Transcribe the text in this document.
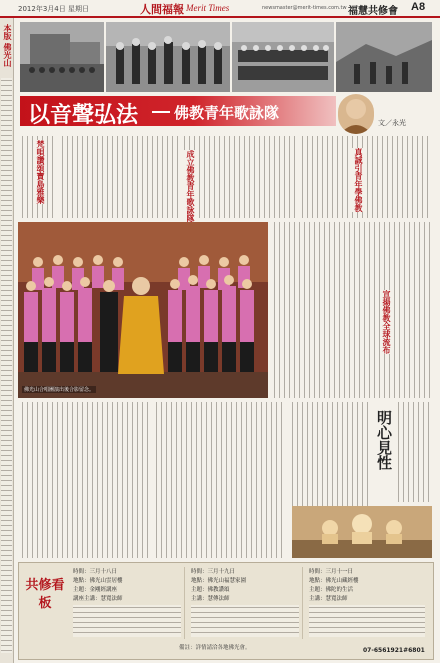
2012年3月4日 星期日	人間福報 Merit Times	newsmaster@merit-times.com.tw 福慧共修會 A8
本版 佛光山
以音聲弘法 佛教青年歌詠隊
文／永光
梵唄讚頌寶島雅樂	成立佛教青年歌詠隊	真誠引青年學佛教
佛光山合唱團演出後合影留念。
宣揚佛教全球流布
明心見性
共修看板
時間：三月十八日
地點：佛光山雲居樓
主題：金剛經講座
講座主講：慧寬法師
時間：三月十九日
地點：佛光山福慧家園
主題：佛教讚頌
主講：慧傳法師
時間：三月十一日
地點：佛光山藏經樓
主題：佛陀的生活
主講：慧寬法師
備註：詳情請洽各地佛光會。	07-6561921#6801
